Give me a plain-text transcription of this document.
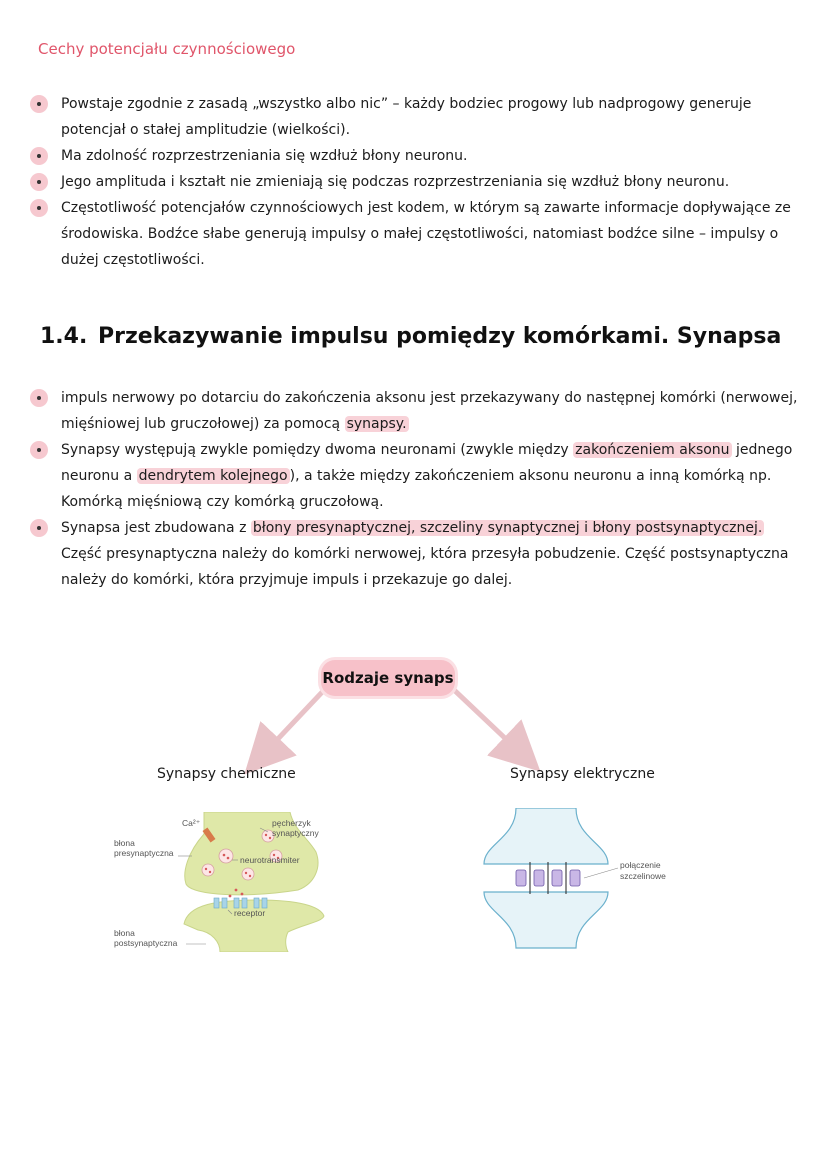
Cechy potencjału czynnościowego
Powstaje zgodnie z zasadą „wszystko albo nic” – każdy bodziec progowy lub nadprogowy generuje potencjał o stałej amplitudzie (wielkości).
Ma zdolność rozprzestrzeniania się wzdłuż błony neuronu.
Jego amplituda i kształt nie zmieniają się podczas rozprzestrzeniania się wzdłuż błony neuronu.
Częstotliwość potencjałów czynnościowych jest kodem, w którym są zawarte informacje dopływające ze środowiska. Bodźce słabe generują impulsy o małej częstotliwości, natomiast bodźce silne – impulsy o dużej częstotliwości.
1.4. Przekazywanie impulsu pomiędzy komórkami. Synapsa
impuls nerwowy po dotarciu do zakończenia aksonu jest przekazywany do następnej komórki (nerwowej, mięśniowej lub gruczołowej) za pomocą synapsy.
Synapsy występują zwykle pomiędzy dwoma neuronami (zwykle między zakończeniem aksonu jednego neuronu a dendrytem kolejnego ), a także między zakończeniem aksonu neuronu a inną komórką np. Komórką mięśniową czy komórką gruczołową.
Synapsa jest zbudowana z błony presynaptycznej, szczeliny synaptycznej i błony postsynaptycznej. Część presynaptyczna należy do komórki nerwowej, która przesyła pobudzenie. Część postsynaptyczna należy do komórki, która przyjmuje impuls i przekazuje go dalej.
Rodzaje synaps
Synapsy chemiczne	Synapsy elektryczne
Ca²⁺	pęcherzyk
synaptyczny
błona
presynaptyczna
neurotransmiter
receptor
błona
postsynaptyczna
połączenie
szczelinowe
